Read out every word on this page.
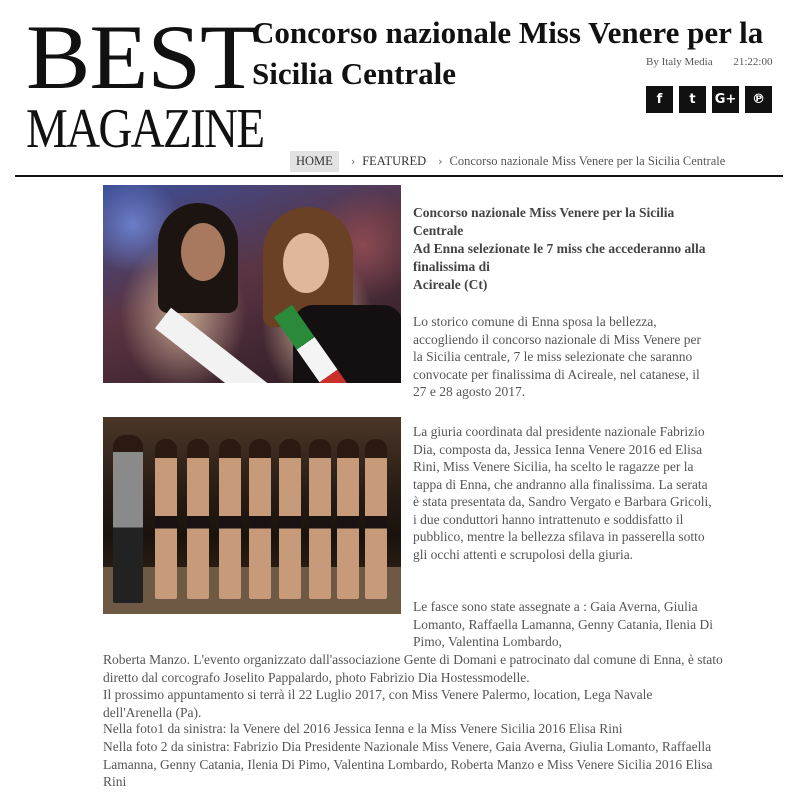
BEST
MAGAZINE
Concorso nazionale Miss Venere per la Sicilia Centrale	By Italy Media 21:22:00
f	t	G+	℗
HOME	› FEATURED › Concorso nazionale Miss Venere per la Sicilia Centrale
Concorso nazionale Miss Venere per la Sicilia Centrale
Ad Enna selezionate le 7 miss che accederanno alla finalissima di
Acireale (Ct)

Lo storico comune di Enna sposa la bellezza, accogliendo il concorso nazionale di Miss Venere per la Sicilia centrale, 7 le miss selezionate che saranno convocate per finalissima di Acireale, nel catanese, il 27 e 28 agosto 2017.

La giuria coordinata dal presidente nazionale Fabrizio Dia, composta da, Jessica Ienna Venere 2016 ed Elisa Rini, Miss Venere Sicilia, ha scelto le ragazze per la tappa di Enna, che andranno alla finalissima. La serata è stata presentata da, Sandro Vergato e Barbara Gricoli, i due conduttori hanno intrattenuto e soddisfatto il pubblico, mentre la bellezza sfilava in passerella sotto gli occhi attenti e scrupolosi della giuria.

Le fasce sono state assegnate a : Gaia Averna, Giulia Lomanto, Raffaella Lamanna, Genny Catania, Ilenia Di Pimo, Valentina Lombardo,

Roberta Manzo. L'evento organizzato dall'associazione Gente di Domani e patrocinato dal comune di Enna, è stato diretto dal corcografo Joselito Pappalardo, photo Fabrizio Dia Hostessmodelle.

Il prossimo appuntamento si terrà il 22 Luglio 2017, con Miss Venere Palermo, location, Lega Navale dell'Arenella (Pa).

Nella foto1 da sinistra: la Venere del 2016 Jessica Ienna e la Miss Venere Sicilia 2016 Elisa Rini

Nella foto 2 da sinistra: Fabrizio Dia Presidente Nazionale Miss Venere, Gaia Averna, Giulia Lomanto, Raffaella Lamanna, Genny Catania, Ilenia Di Pimo, Valentina Lombardo, Roberta Manzo e Miss Venere Sicilia 2016 Elisa Rini
